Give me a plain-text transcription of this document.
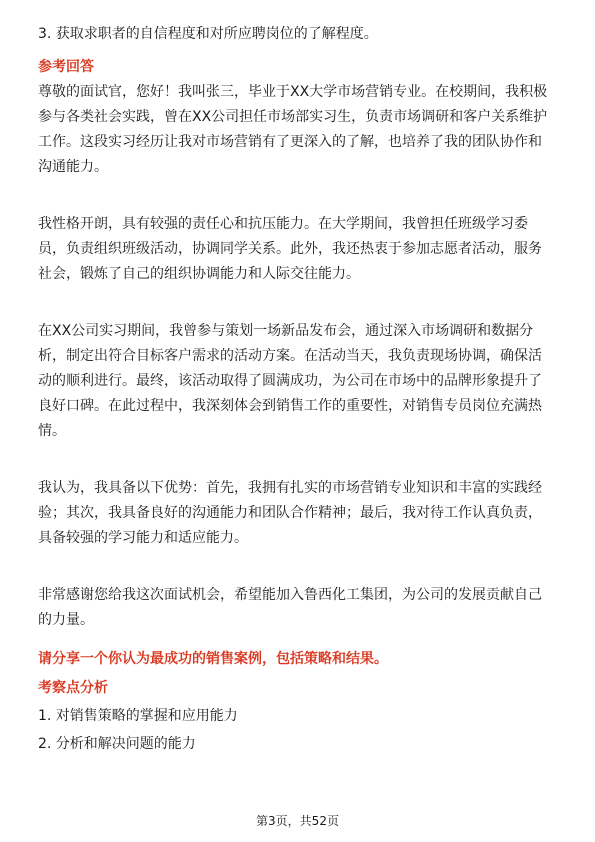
3. 获取求职者的自信程度和对所应聘岗位的了解程度。
参考回答
尊敬的面试官，您好！我叫张三，毕业于XX大学市场营销专业。在校期间，我积极
参与各类社会实践，曾在XX公司担任市场部实习生，负责市场调研和客户关系维护
工作。这段实习经历让我对市场营销有了更深入的了解，也培养了我的团队协作和
沟通能力。
我性格开朗，具有较强的责任心和抗压能力。在大学期间，我曾担任班级学习委
员，负责组织班级活动，协调同学关系。此外，我还热衷于参加志愿者活动，服务
社会，锻炼了自己的组织协调能力和人际交往能力。
在XX公司实习期间，我曾参与策划一场新品发布会，通过深入市场调研和数据分
析，制定出符合目标客户需求的活动方案。在活动当天，我负责现场协调，确保活
动的顺利进行。最终，该活动取得了圆满成功，为公司在市场中的品牌形象提升了
良好口碑。在此过程中，我深刻体会到销售工作的重要性，对销售专员岗位充满热
情。
我认为，我具备以下优势：首先，我拥有扎实的市场营销专业知识和丰富的实践经
验；其次，我具备良好的沟通能力和团队合作精神；最后，我对待工作认真负责，
具备较强的学习能力和适应能力。
非常感谢您给我这次面试机会，希望能加入鲁西化工集团，为公司的发展贡献自己
的力量。
请分享一个你认为最成功的销售案例，包括策略和结果。
考察点分析
1. 对销售策略的掌握和应用能力
2. 分析和解决问题的能力
第3页，共52页
